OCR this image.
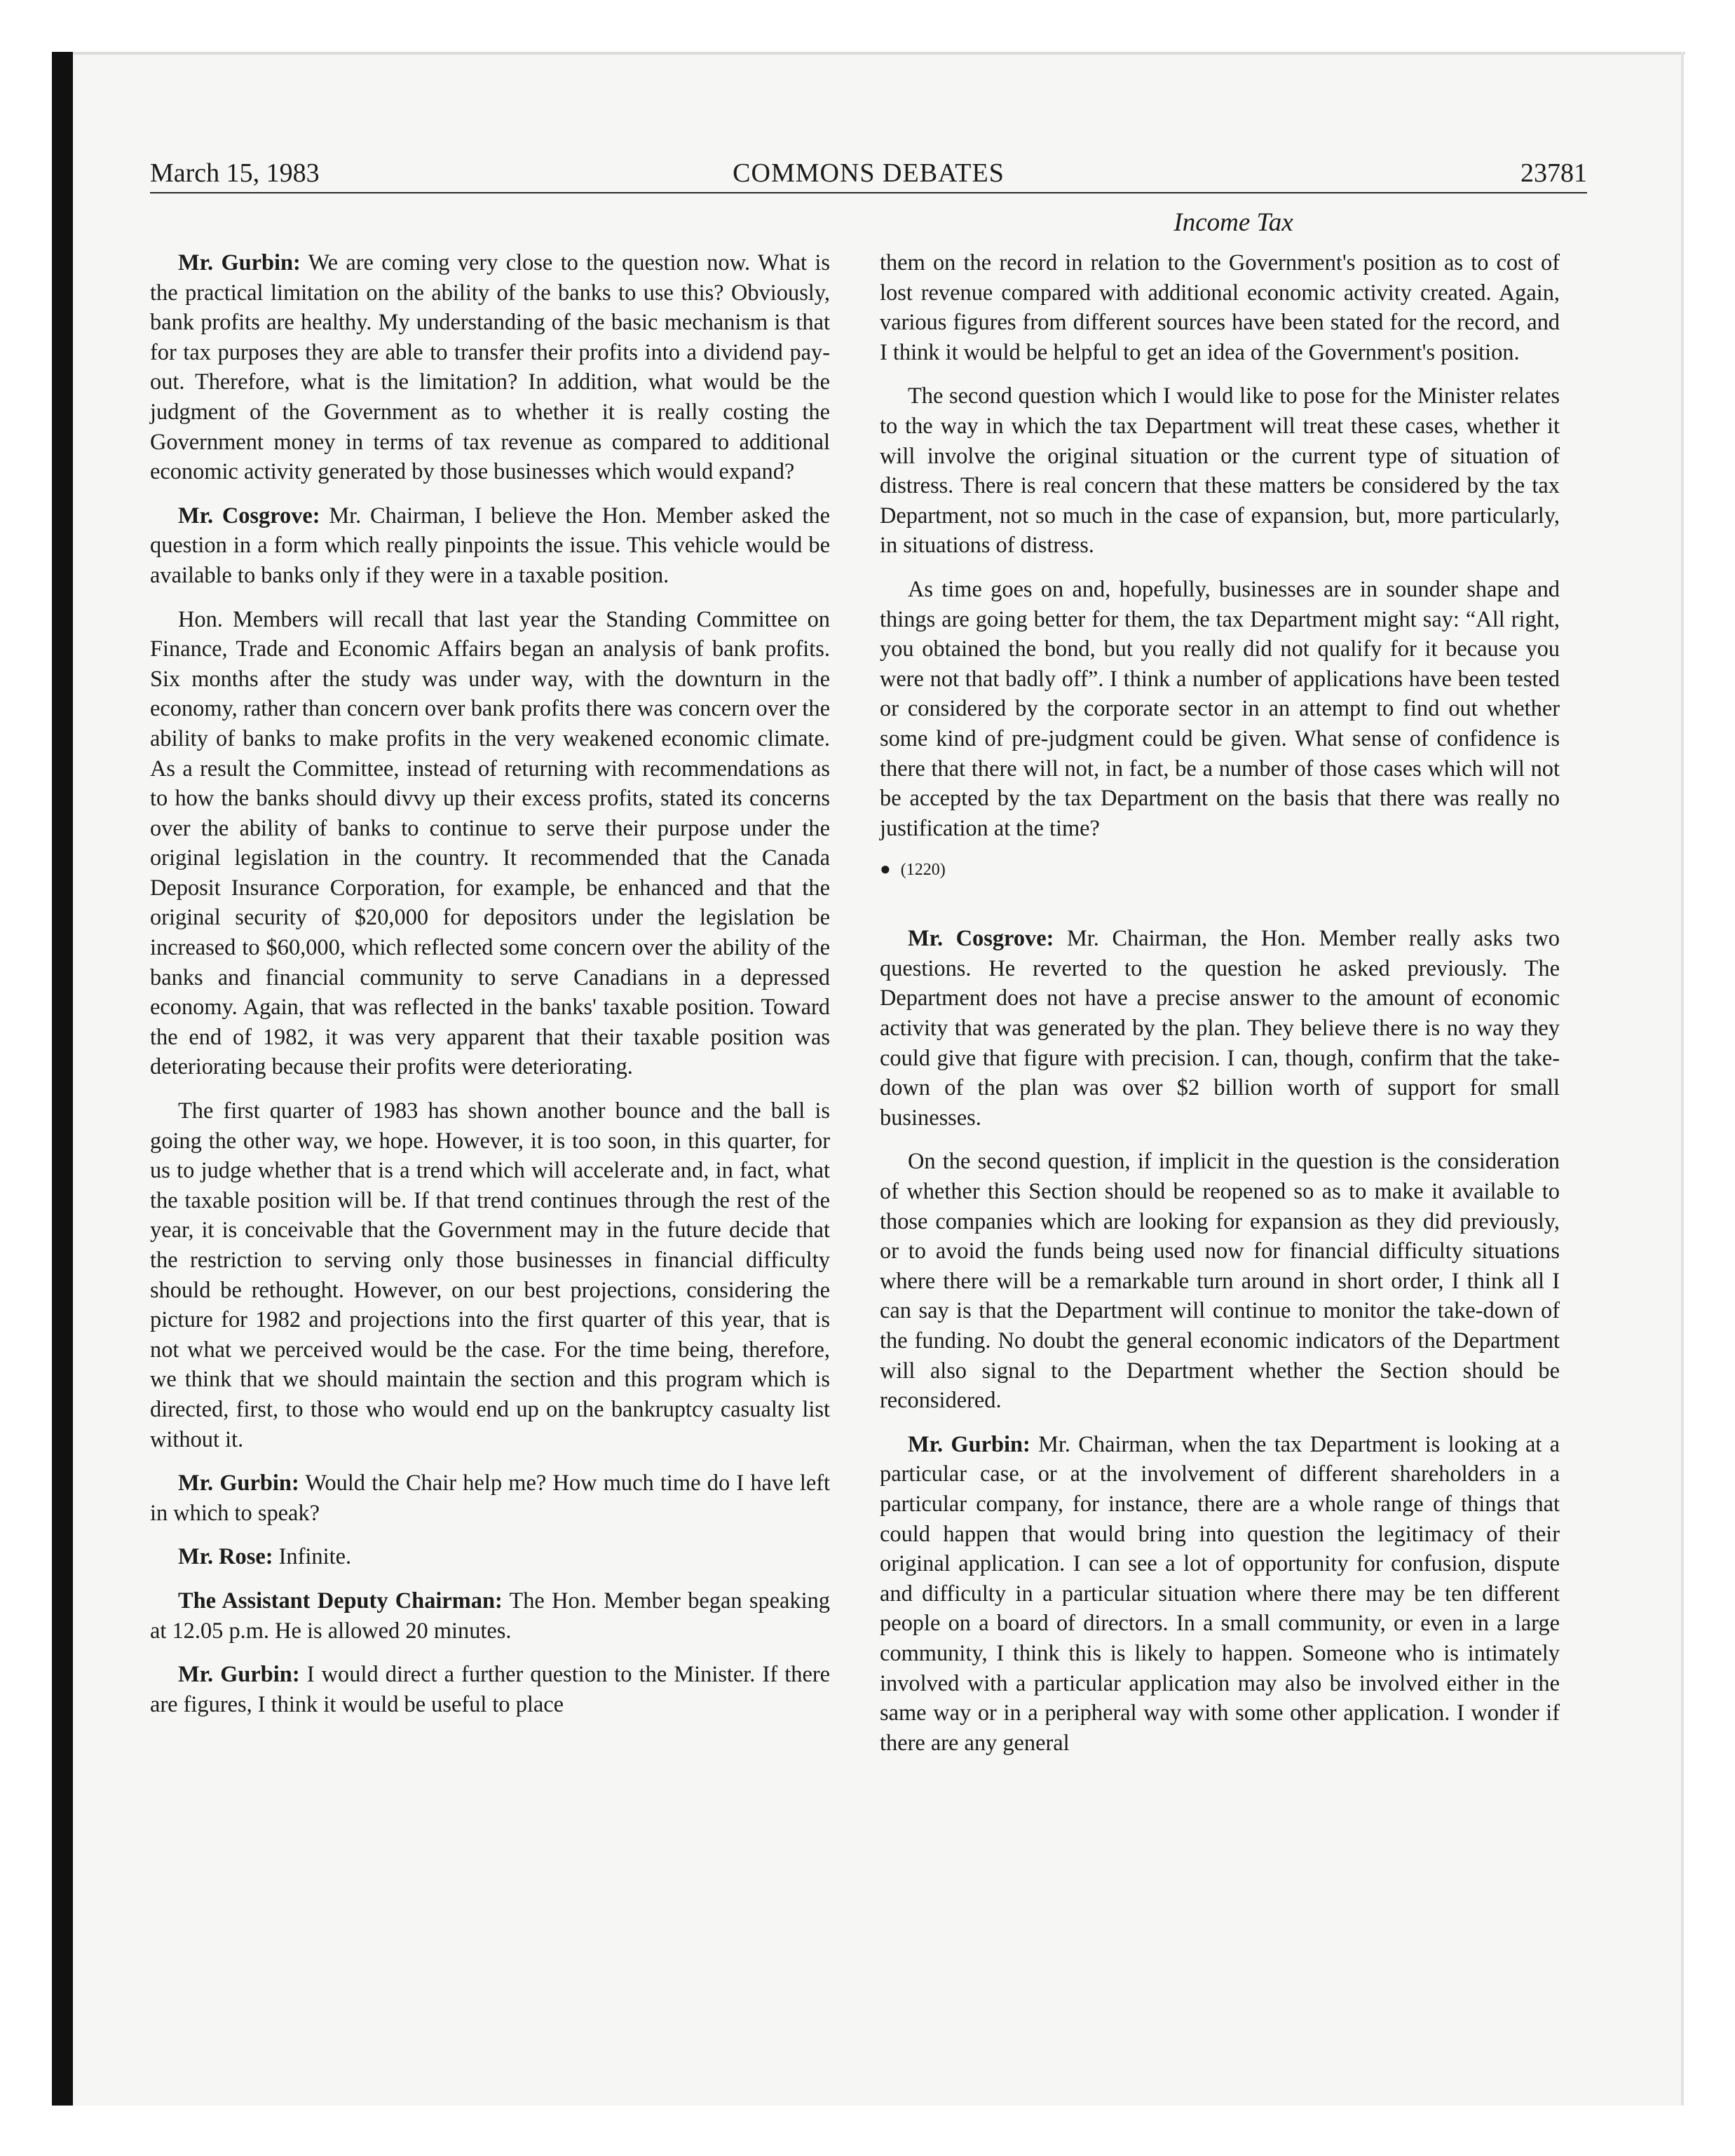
March 15, 1983	COMMONS DEBATES	23781
Income Tax

Mr. Gurbin: We are coming very close to the question now. What is the practical limitation on the ability of the banks to use this? Obviously, bank profits are healthy. My understanding of the basic mechanism is that for tax purposes they are able to transfer their profits into a dividend pay-out. Therefore, what is the limitation? In addition, what would be the judgment of the Government as to whether it is really costing the Government money in terms of tax revenue as compared to additional economic activity generated by those businesses which would expand?

Mr. Cosgrove: Mr. Chairman, I believe the Hon. Member asked the question in a form which really pinpoints the issue. This vehicle would be available to banks only if they were in a taxable position.

Hon. Members will recall that last year the Standing Committee on Finance, Trade and Economic Affairs began an analysis of bank profits. Six months after the study was under way, with the downturn in the economy, rather than concern over bank profits there was concern over the ability of banks to make profits in the very weakened economic climate. As a result the Committee, instead of returning with recommendations as to how the banks should divvy up their excess profits, stated its concerns over the ability of banks to continue to serve their purpose under the original legislation in the country. It recommended that the Canada Deposit Insurance Corporation, for example, be enhanced and that the original security of $20,000 for depositors under the legislation be increased to $60,000, which reflected some concern over the ability of the banks and financial community to serve Canadians in a depressed economy. Again, that was reflected in the banks' taxable position. Toward the end of 1982, it was very apparent that their taxable position was deteriorating because their profits were deteriorating.

The first quarter of 1983 has shown another bounce and the ball is going the other way, we hope. However, it is too soon, in this quarter, for us to judge whether that is a trend which will accelerate and, in fact, what the taxable position will be. If that trend continues through the rest of the year, it is conceivable that the Government may in the future decide that the restriction to serving only those businesses in financial difficulty should be rethought. However, on our best projections, considering the picture for 1982 and projections into the first quarter of this year, that is not what we perceived would be the case. For the time being, therefore, we think that we should maintain the section and this program which is directed, first, to those who would end up on the bankruptcy casualty list without it.

Mr. Gurbin: Would the Chair help me? How much time do I have left in which to speak?

Mr. Rose: Infinite.

The Assistant Deputy Chairman: The Hon. Member began speaking at 12.05 p.m. He is allowed 20 minutes.

Mr. Gurbin: I would direct a further question to the Minister. If there are figures, I think it would be useful to place

them on the record in relation to the Government's position as to cost of lost revenue compared with additional economic activity created. Again, various figures from different sources have been stated for the record, and I think it would be helpful to get an idea of the Government's position.

The second question which I would like to pose for the Minister relates to the way in which the tax Department will treat these cases, whether it will involve the original situation or the current type of situation of distress. There is real concern that these matters be considered by the tax Department, not so much in the case of expansion, but, more particularly, in situations of distress.

As time goes on and, hopefully, businesses are in sounder shape and things are going better for them, the tax Department might say: “All right, you obtained the bond, but you really did not qualify for it because you were not that badly off”. I think a number of applications have been tested or considered by the corporate sector in an attempt to find out whether some kind of pre-judgment could be given. What sense of confidence is there that there will not, in fact, be a number of those cases which will not be accepted by the tax Department on the basis that there was really no justification at the time?

● (1220)

Mr. Cosgrove: Mr. Chairman, the Hon. Member really asks two questions. He reverted to the question he asked previously. The Department does not have a precise answer to the amount of economic activity that was generated by the plan. They believe there is no way they could give that figure with precision. I can, though, confirm that the take-down of the plan was over $2 billion worth of support for small businesses.

On the second question, if implicit in the question is the consideration of whether this Section should be reopened so as to make it available to those companies which are looking for expansion as they did previously, or to avoid the funds being used now for financial difficulty situations where there will be a remarkable turn around in short order, I think all I can say is that the Department will continue to monitor the take-down of the funding. No doubt the general economic indicators of the Department will also signal to the Department whether the Section should be reconsidered.

Mr. Gurbin: Mr. Chairman, when the tax Department is looking at a particular case, or at the involvement of different shareholders in a particular company, for instance, there are a whole range of things that could happen that would bring into question the legitimacy of their original application. I can see a lot of opportunity for confusion, dispute and difficulty in a particular situation where there may be ten different people on a board of directors. In a small community, or even in a large community, I think this is likely to happen. Someone who is intimately involved with a particular application may also be involved either in the same way or in a peripheral way with some other application. I wonder if there are any general
